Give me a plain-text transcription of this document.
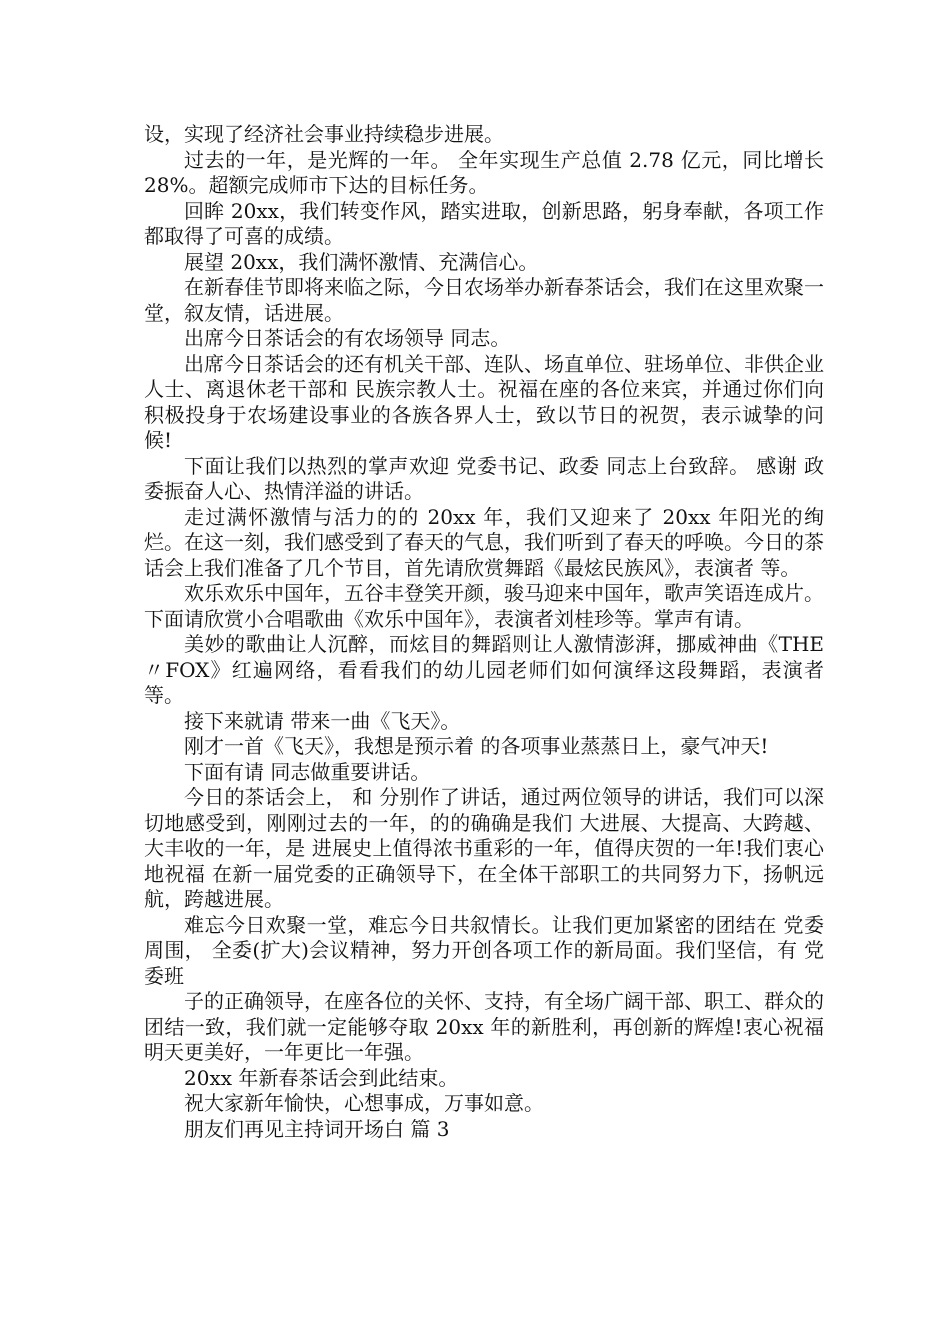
设，实现了经济社会事业持续稳步进展。

过去的一年，是光辉的一年。 全年实现生产总值 2.78 亿元，同比增长 28%。超额完成师市下达的目标任务。

回眸 20xx，我们转变作风，踏实进取，创新思路，躬身奉献，各项工作都取得了可喜的成绩。

展望 20xx，我们满怀激情、充满信心。

在新春佳节即将来临之际，今日农场举办新春茶话会，我们在这里欢聚一堂，叙友情，话进展。

出席今日茶话会的有农场领导 同志。

出席今日茶话会的还有机关干部、连队、场直单位、驻场单位、非供企业人士、离退休老干部和 民族宗教人士。祝福在座的各位来宾，并通过你们向积极投身于农场建设事业的各族各界人士，致以节日的祝贺，表示诚挚的问候!

下面让我们以热烈的掌声欢迎 党委书记、政委 同志上台致辞。 感谢 政委振奋人心、热情洋溢的讲话。

走过满怀激情与活力的的 20xx 年，我们又迎来了 20xx 年阳光的绚烂。在这一刻，我们感受到了春天的气息，我们听到了春天的呼唤。今日的茶话会上我们准备了几个节目，首先请欣赏舞蹈《最炫民族风》，表演者 等。

欢乐欢乐中国年，五谷丰登笑开颜，骏马迎来中国年，歌声笑语连成片。下面请欣赏小合唱歌曲《欢乐中国年》，表演者刘桂珍等。掌声有请。

美妙的歌曲让人沉醉，而炫目的舞蹈则让人激情澎湃，挪威神曲《THE〃FOX》红遍网络，看看我们的幼儿园老师们如何演绎这段舞蹈，表演者 等。

接下来就请 带来一曲《飞天》。

刚才一首《飞天》，我想是预示着 的各项事业蒸蒸日上，豪气冲天!

下面有请 同志做重要讲话。

今日的茶话会上， 和 分别作了讲话，通过两位领导的讲话，我们可以深切地感受到，刚刚过去的一年，的的确确是我们 大进展、大提高、大跨越、大丰收的一年，是 进展史上值得浓书重彩的一年，值得庆贺的一年!我们衷心地祝福 在新一届党委的正确领导下，在全体干部职工的共同努力下，扬帆远航，跨越进展。

难忘今日欢聚一堂，难忘今日共叙情长。让我们更加紧密的团结在 党委周围， 全委(扩大)会议精神，努力开创各项工作的新局面。我们坚信，有 党委班

子的正确领导，在座各位的关怀、支持，有全场广阔干部、职工、群众的团结一致，我们就一定能够夺取 20xx 年的新胜利，再创新的辉煌!衷心祝福 明天更美好，一年更比一年强。

20xx 年新春茶话会到此结束。

祝大家新年愉快，心想事成，万事如意。

朋友们再见主持词开场白 篇 3
